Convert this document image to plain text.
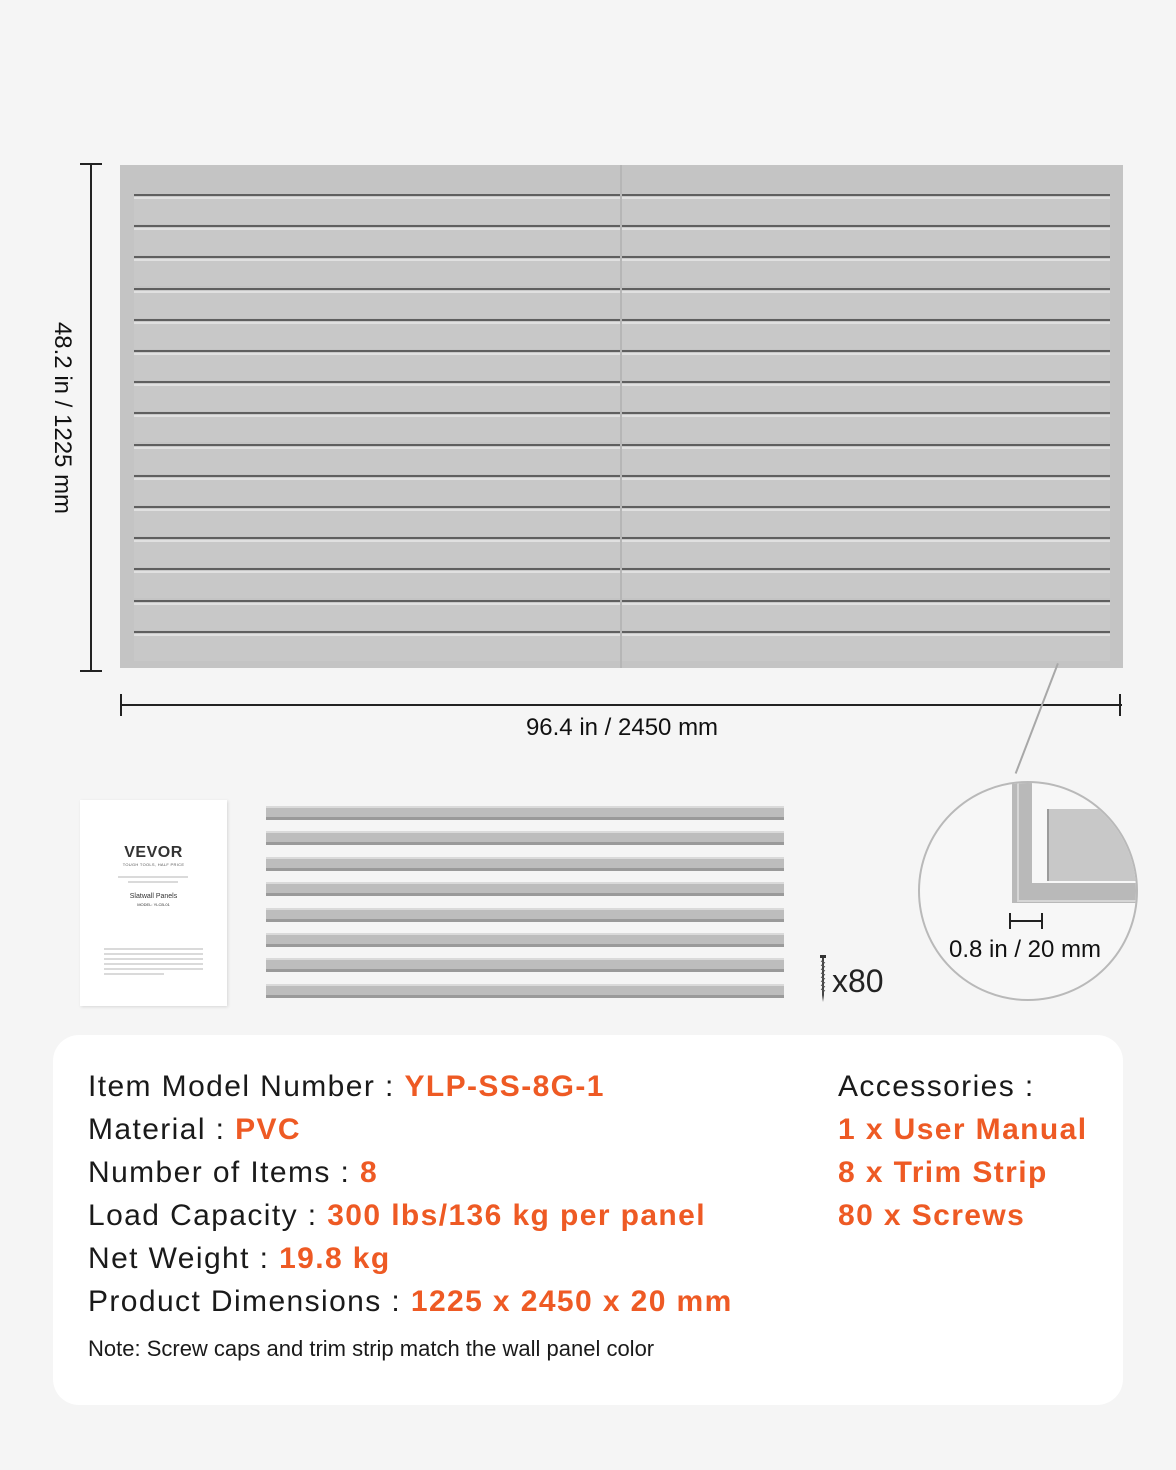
48.2 in / 1225 mm
96.4 in / 2450 mm
VEVOR
TOUGH TOOLS, HALF PRICE
Slatwall Panels
MODEL: YLCB-01
x80
0.8 in / 20 mm
Item Model Number : YLP-SS-8G-1
Material : PVC
Number of Items : 8
Load Capacity : 300 lbs/136 kg per panel
Net Weight : 19.8 kg
Product Dimensions : 1225 x 2450 x 20 mm
Accessories :
1 x User Manual
8 x Trim Strip
80 x Screws
Note: Screw caps and trim strip match the wall panel color
